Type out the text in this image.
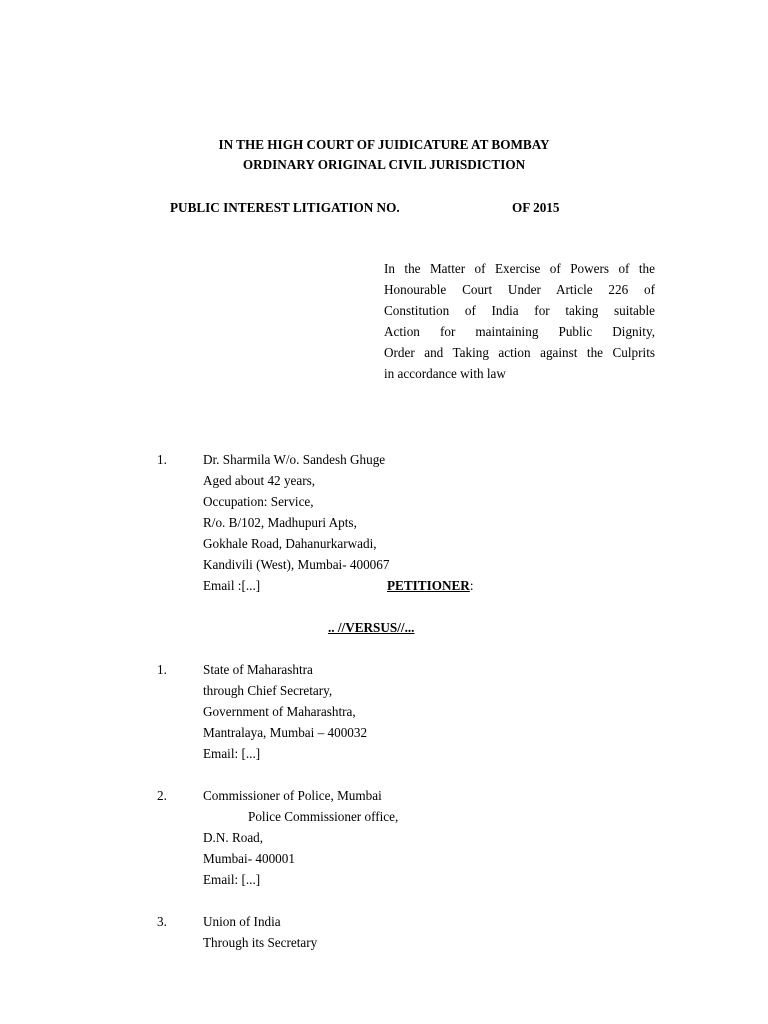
IN THE HIGH COURT OF JUIDICATURE AT BOMBAY
ORDINARY ORIGINAL CIVIL JURISDICTION
PUBLIC INTEREST LITIGATION NO.	OF 2015
In the Matter of Exercise of Powers of the
Honourable Court Under Article 226 of
Constitution of India for taking suitable
Action for maintaining Public Dignity,
Order and Taking action against the Culprits
in accordance with law
1.	Dr. Sharmila W/o. Sandesh Ghuge
Aged about 42 years,
Occupation: Service,
R/o. B/102, Madhupuri Apts,
Gokhale Road, Dahanurkarwadi,
Kandivili (West), Mumbai- 400067
Email :[...]	PETITIONER:
.. //VERSUS//...
1.	State of Maharashtra
through Chief Secretary,
Government of Maharashtra,
Mantralaya, Mumbai – 400032
Email: [...]
2.	Commissioner of Police, Mumbai
Police Commissioner office,
D.N. Road,
Mumbai- 400001
Email: [...]
3.	Union of India
Through its Secretary
